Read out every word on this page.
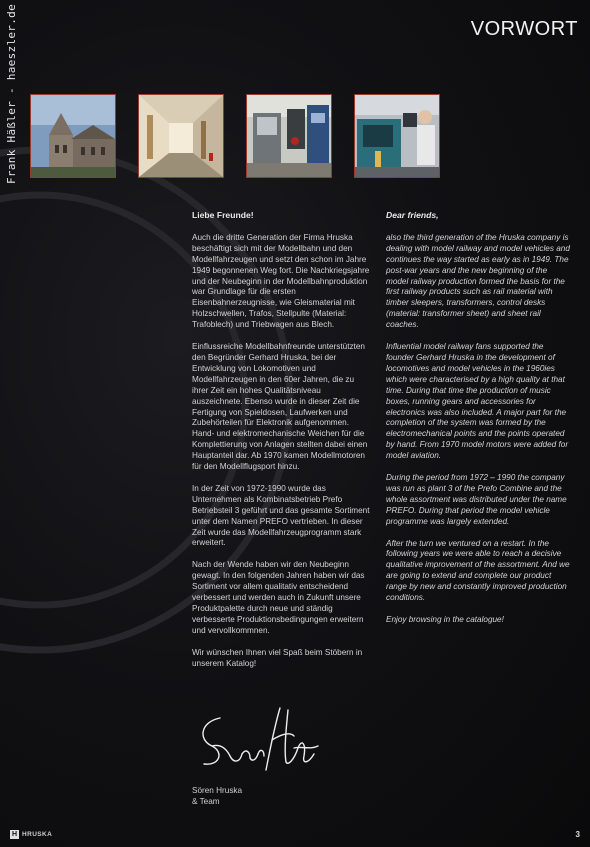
Frank Häßler - haeszler.de	VORWORT
Liebe Freunde!

Auch die dritte Generation der Firma Hruska beschäftigt sich mit der Modellbahn und den Modellfahrzeugen und setzt den schon im Jahre 1949 begonnenen Weg fort. Die Nachkriegsjahre und der Neubeginn in der Modellbahnproduktion war Grundlage für die ersten Eisenbahnerzeugnisse, wie Gleismaterial mit Holzschwellen, Trafos, Stellpulte (Material: Trafoblech) und Triebwagen aus Blech.

Einflussreiche Modellbahnfreunde unterstützten den Begründer Gerhard Hruska, bei der Entwicklung von Lokomotiven und Modellfahrzeugen in den 60er Jahren, die zu ihrer Zeit ein hohes Qualitätsniveau auszeichnete. Ebenso wurde in dieser Zeit die Fertigung von Spieldosen, Laufwerken und Zubehörteilen für Elektronik aufgenommen. Hand- und elektromechanische Weichen für die Komplettierung von Anlagen stellten dabei einen Hauptanteil dar. Ab 1970 kamen Modellmotoren für den Modellflugsport hinzu.

In der Zeit von 1972-1990 wurde das Unternehmen als Kombinatsbetrieb Prefo Betriebsteil 3 geführt und das gesamte Sortiment unter dem Namen PREFO vertrieben. In dieser Zeit wurde das Modellfahrzeugprogramm stark erweitert.

Nach der Wende haben wir den Neubeginn gewagt. In den folgenden Jahren haben wir das Sortiment vor allem qualitativ entscheidend verbessert und werden auch in Zukunft unsere Produktpalette durch neue und ständig verbesserte Produktionsbedingungen erweitern und vervollkommnen.

Wir wünschen Ihnen viel Spaß beim Stöbern in unserem Katalog!

Dear friends,

also the third generation of the Hruska company is dealing with model railway and model vehicles and continues the way started as early as in 1949. The post-war years and the new beginning of the model railway production formed the basis for the first railway products such as rail material with timber sleepers, transformers, control desks (material: transformer sheet) and sheet rail coaches.

Influential model railway fans supported the founder Gerhard Hruska in the development of locomotives and model vehicles in the 1960ies which were characterised by a high quality at that time. During that time the production of music boxes, running gears and accessories for electronics was also included. A major part for the completion of the system was formed by the electromechanical points and the points operated by hand. From 1970 model motors were added for model aviation.

During the period from 1972 – 1990 the company was run as plant 3 of the Prefo Combine and the whole assortment was distributed under the name PREFO. During that period the model vehicle programme was largely extended.

After the turn we ventured on a restart. In the following years we were able to reach a decisive qualitative improvement of the assortment. And we are going to extend and complete our product range by new and constantly improved production conditions.

Enjoy browsing in the catalogue!

Sören Hruska
& Team
H HRUSKA	3
